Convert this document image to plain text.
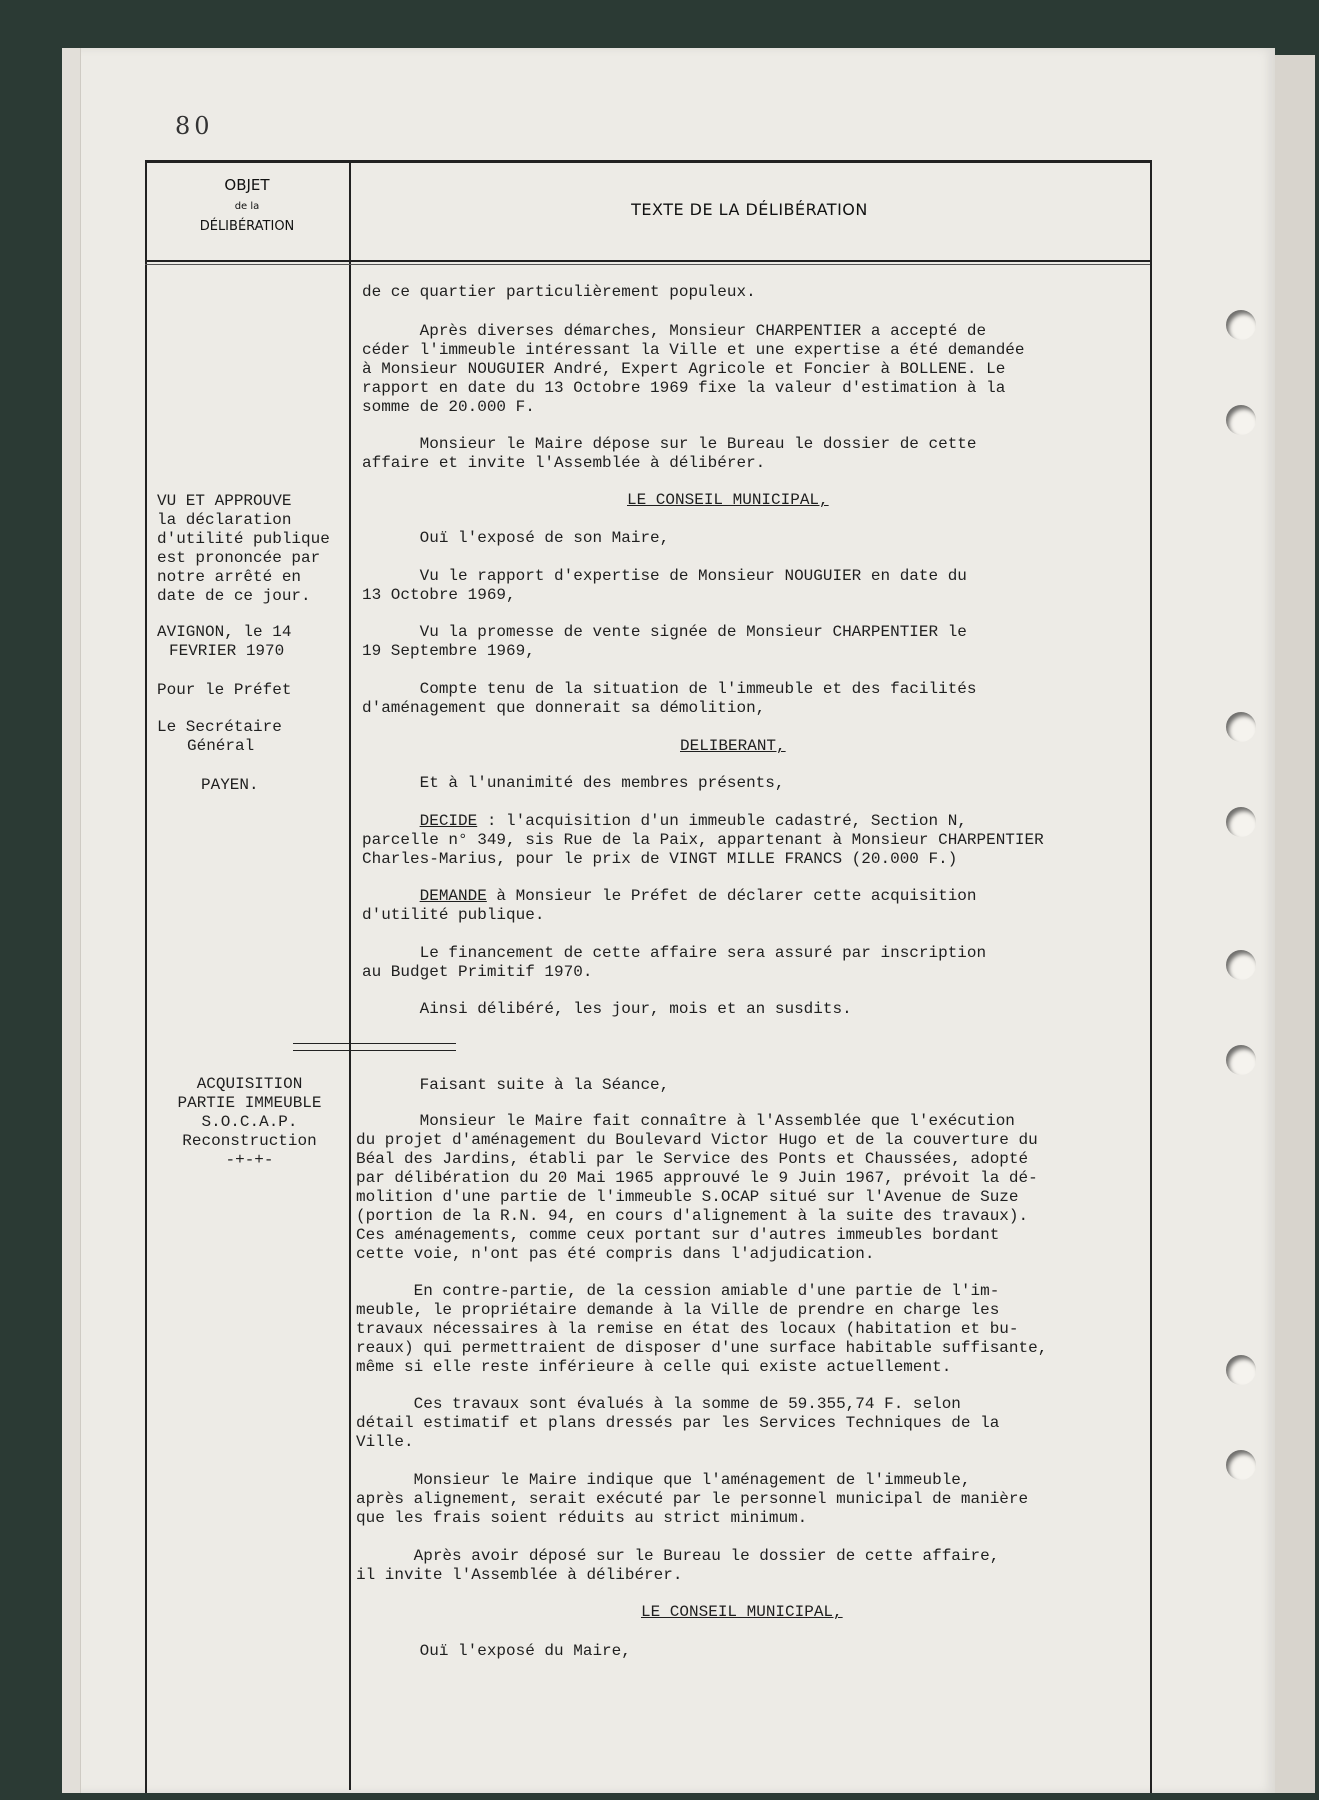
80
OBJET
de la
DÉLIBÉRATION
TEXTE DE LA DÉLIBÉRATION
VU ET APPROUVE
la déclaration
d'utilité publique
est prononcée par
notre arrêté en
date de ce jour.
AVIGNON, le 14
FEVRIER 1970
Pour le Préfet
Le Secrétaire
Général
PAYEN.
ACQUISITION
PARTIE IMMEUBLE
S.O.C.A.P.
Reconstruction
-+-+-
de ce quartier particulièrement populeux.
Après diverses démarches, Monsieur CHARPENTIER a accepté de
céder l'immeuble intéressant la Ville et une expertise a été demandée
à Monsieur NOUGUIER André, Expert Agricole et Foncier à BOLLENE. Le
rapport en date du 13 Octobre 1969 fixe la valeur d'estimation à la
somme de 20.000 F.
Monsieur le Maire dépose sur le Bureau le dossier de cette
affaire et invite l'Assemblée à délibérer.
LE CONSEIL MUNICIPAL,
Ouï l'exposé de son Maire,
Vu le rapport d'expertise de Monsieur NOUGUIER en date du
13 Octobre 1969,
Vu la promesse de vente signée de Monsieur CHARPENTIER le
19 Septembre 1969,
Compte tenu de la situation de l'immeuble et des facilités
d'aménagement que donnerait sa démolition,
DELIBERANT,
Et à l'unanimité des membres présents,
DECIDE : l'acquisition d'un immeuble cadastré, Section N,
parcelle n° 349, sis Rue de la Paix, appartenant à Monsieur CHARPENTIER
Charles-Marius, pour le prix de VINGT MILLE FRANCS (20.000 F.)
DEMANDE à Monsieur le Préfet de déclarer cette acquisition
d'utilité publique.
Le financement de cette affaire sera assuré par inscription
au Budget Primitif 1970.
Ainsi délibéré, les jour, mois et an susdits.
Faisant suite à la Séance,
Monsieur le Maire fait connaître à l'Assemblée que l'exécution
du projet d'aménagement du Boulevard Victor Hugo et de la couverture du
Béal des Jardins, établi par le Service des Ponts et Chaussées, adopté
par délibération du 20 Mai 1965 approuvé le 9 Juin 1967, prévoit la dé-
molition d'une partie de l'immeuble S.OCAP situé sur l'Avenue de Suze
(portion de la R.N. 94, en cours d'alignement à la suite des travaux).
Ces aménagements, comme ceux portant sur d'autres immeubles bordant
cette voie, n'ont pas été compris dans l'adjudication.
En contre-partie, de la cession amiable d'une partie de l'im-
meuble, le propriétaire demande à la Ville de prendre en charge les
travaux nécessaires à la remise en état des locaux (habitation et bu-
reaux) qui permettraient de disposer d'une surface habitable suffisante,
même si elle reste inférieure à celle qui existe actuellement.
Ces travaux sont évalués à la somme de 59.355,74 F. selon
détail estimatif et plans dressés par les Services Techniques de la
Ville.
Monsieur le Maire indique que l'aménagement de l'immeuble,
après alignement, serait exécuté par le personnel municipal de manière
que les frais soient réduits au strict minimum.
Après avoir déposé sur le Bureau le dossier de cette affaire,
il invite l'Assemblée à délibérer.
LE CONSEIL MUNICIPAL,
Ouï l'exposé du Maire,
